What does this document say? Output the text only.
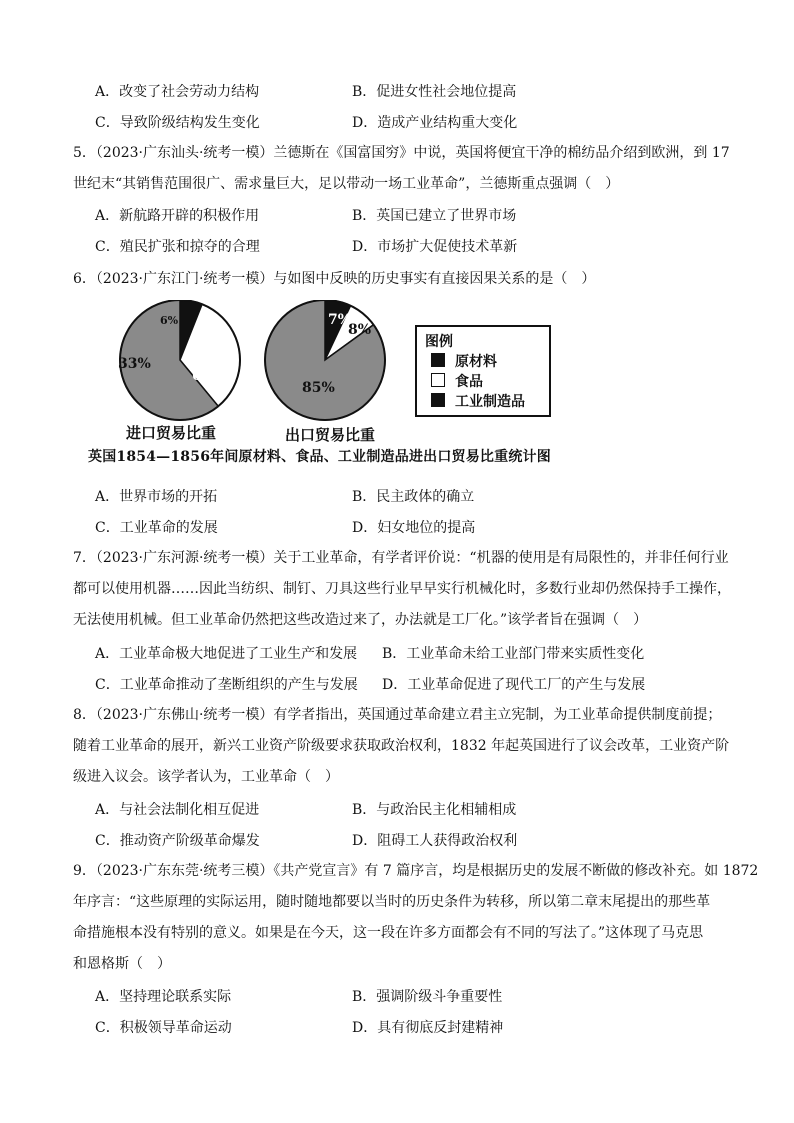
A．改变了社会劳动力结构	B．促进女性社会地位提高
C．导致阶级结构发生变化	D．造成产业结构重大变化
5．（2023·广东汕头·统考一模）兰德斯在《国富国穷》中说，英国将便宜干净的棉纺品介绍到欧洲，到 17
世纪末“其销售范围很广、需求量巨大，足以带动一场工业革命”，兰德斯重点强调（　）
A．新航路开辟的积极作用	B．英国已建立了世界市场
C．殖民扩张和掠夺的合理	D．市场扩大促使技术革新
6．（2023·广东江门·统考一模）与如图中反映的历史事实有直接因果关系的是（　）
61%
33%
6%
85%
8%
7%
图例
原材料
食品
工业制造品
进口贸易比重	出口贸易比重
英国1854—1856年间原材料、食品、工业制造品进出口贸易比重统计图
A．世界市场的开拓	B．民主政体的确立
C．工业革命的发展	D．妇女地位的提高
7．（2023·广东河源·统考一模）关于工业革命，有学者评价说：“机器的使用是有局限性的，并非任何行业
都可以使用机器……因此当纺织、制钉、刀具这些行业早早实行机械化时，多数行业却仍然保持手工操作，
无法使用机械。但工业革命仍然把这些改造过来了，办法就是工厂化。”该学者旨在强调（　）
A．工业革命极大地促进了工业生产和发展 B．工业革命未给工业部门带来实质性变化
C．工业革命推动了垄断组织的产生与发展 D．工业革命促进了现代工厂的产生与发展
8．（2023·广东佛山·统考一模）有学者指出，英国通过革命建立君主立宪制，为工业革命提供制度前提；
随着工业革命的展开，新兴工业资产阶级要求获取政治权利，1832 年起英国进行了议会改革，工业资产阶
级进入议会。该学者认为，工业革命（　）
A．与社会法制化相互促进	B．与政治民主化相辅相成
C．推动资产阶级革命爆发	D．阻碍工人获得政治权利
9．（2023·广东东莞·统考三模）《共产党宣言》有 7 篇序言，均是根据历史的发展不断做的修改补充。如 1872
年序言：“这些原理的实际运用，随时随地都要以当时的历史条件为转移，所以第二章末尾提出的那些革
命措施根本没有特别的意义。如果是在今天，这一段在许多方面都会有不同的写法了。”这体现了马克思
和恩格斯（　）
A．坚持理论联系实际	B．强调阶级斗争重要性
C．积极领导革命运动	D．具有彻底反封建精神
